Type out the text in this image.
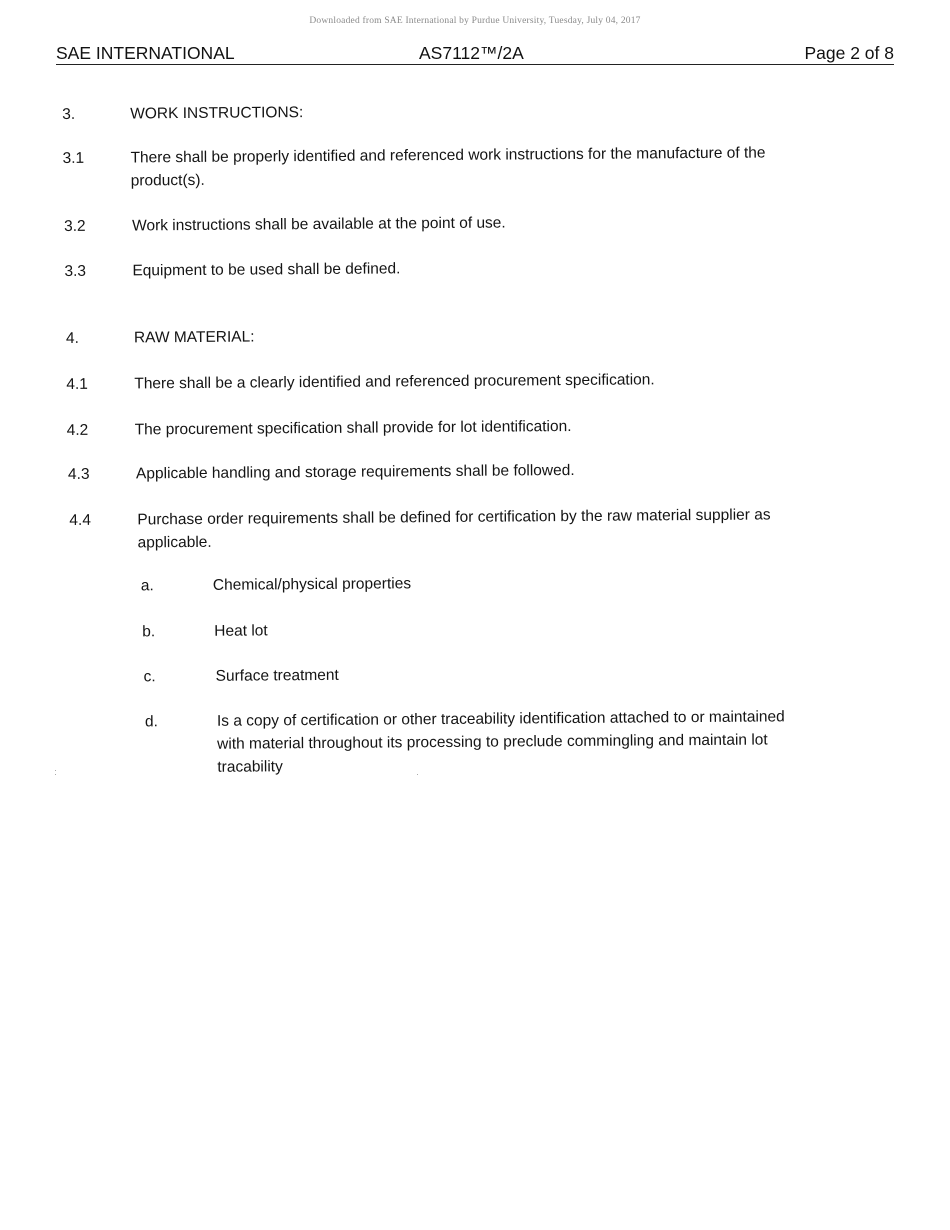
Downloaded from SAE International by Purdue University, Tuesday, July 04, 2017
SAE INTERNATIONAL	AS7112™/2A	Page 2 of 8
3.	WORK INSTRUCTIONS:
3.1	There shall be properly identified and referenced work instructions for the manufacture of the
product(s).
3.2	Work instructions shall be available at the point of use.
3.3	Equipment to be used shall be defined.
4.	RAW MATERIAL:
4.1	There shall be a clearly identified and referenced procurement specification.
4.2	The procurement specification shall provide for lot identification.
4.3	Applicable handling and storage requirements shall be followed.
4.4	Purchase order requirements shall be defined for certification by the raw material supplier as
applicable.
a.	Chemical/physical properties
b.	Heat lot
c.	Surface treatment
d.	Is a copy of certification or other traceability identification attached to or maintained
with material throughout its processing to preclude commingling and maintain lot
tracability
